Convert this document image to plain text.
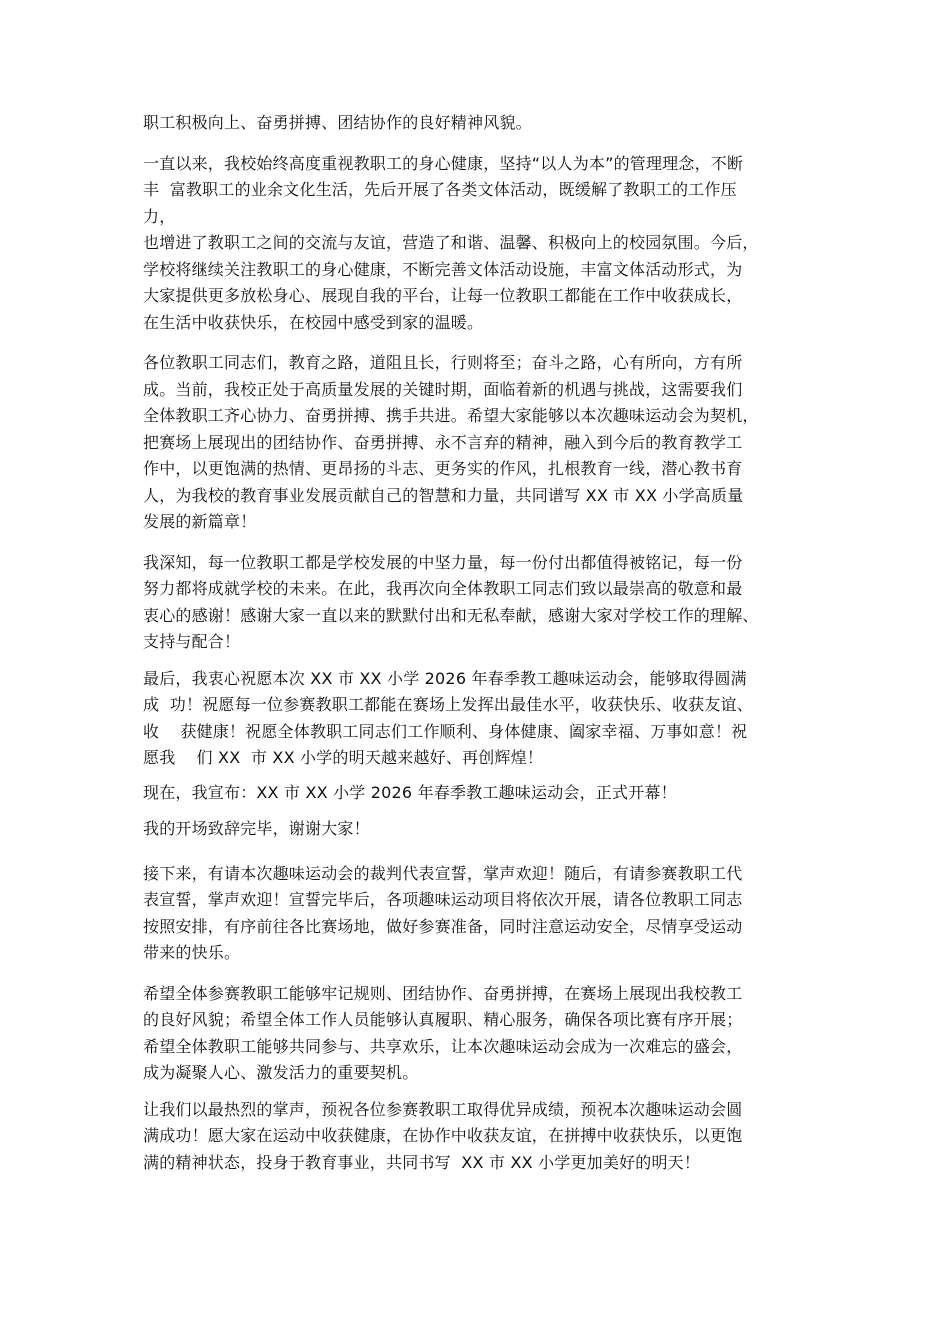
职工积极向上、奋勇拼搏、团结协作的良好精神风貌。
一直以来，我校始终高度重视教职工的身心健康，坚持“以人为本”的管理理念，不断
丰  富教职工的业余文化生活，先后开展了各类文体活动，既缓解了教职工的工作压
力，
也增进了教职工之间的交流与友谊，营造了和谐、温馨、积极向上的校园氛围。今后，
学校将继续关注教职工的身心健康，不断完善文体活动设施，丰富文体活动形式，为
大家提供更多放松身心、展现自我的平台，让每一位教职工都能在工作中收获成长，
在生活中收获快乐，在校园中感受到家的温暖。
各位教职工同志们，教育之路，道阻且长，行则将至；奋斗之路，心有所向，方有所
成。当前，我校正处于高质量发展的关键时期，面临着新的机遇与挑战，这需要我们
全体教职工齐心协力、奋勇拼搏、携手共进。希望大家能够以本次趣味运动会为契机，
把赛场上展现出的团结协作、奋勇拼搏、永不言弃的精神，融入到今后的教育教学工
作中，以更饱满的热情、更昂扬的斗志、更务实的作风，扎根教育一线，潜心教书育
人，为我校的教育事业发展贡献自己的智慧和力量，共同谱写 XX 市 XX 小学高质量
发展的新篇章！
我深知，每一位教职工都是学校发展的中坚力量，每一份付出都值得被铭记，每一份
努力都将成就学校的未来。在此，我再次向全体教职工同志们致以最崇高的敬意和最
衷心的感谢！感谢大家一直以来的默默付出和无私奉献，感谢大家对学校工作的理解、
支持与配合！
最后，我衷心祝愿本次 XX 市 XX 小学 2026 年春季教工趣味运动会，能够取得圆满
成  功！祝愿每一位参赛教职工都能在赛场上发挥出最佳水平，收获快乐、收获友谊、
收    获健康！祝愿全体教职工同志们工作顺利、身体健康、阖家幸福、万事如意！祝
愿我    们 XX  市 XX 小学的明天越来越好、再创辉煌！
现在，我宣布：XX 市 XX 小学 2026 年春季教工趣味运动会，正式开幕！
我的开场致辞完毕，谢谢大家！
接下来，有请本次趣味运动会的裁判代表宣誓，掌声欢迎！随后，有请参赛教职工代
表宣誓，掌声欢迎！宣誓完毕后，各项趣味运动项目将依次开展，请各位教职工同志
按照安排，有序前往各比赛场地，做好参赛准备，同时注意运动安全，尽情享受运动
带来的快乐。
希望全体参赛教职工能够牢记规则、团结协作、奋勇拼搏，在赛场上展现出我校教工
的良好风貌；希望全体工作人员能够认真履职、精心服务，确保各项比赛有序开展；
希望全体教职工能够共同参与、共享欢乐，让本次趣味运动会成为一次难忘的盛会，
成为凝聚人心、激发活力的重要契机。
让我们以最热烈的掌声，预祝各位参赛教职工取得优异成绩，预祝本次趣味运动会圆
满成功！愿大家在运动中收获健康，在协作中收获友谊，在拼搏中收获快乐，以更饱
满的精神状态，投身于教育事业，共同书写  XX 市 XX 小学更加美好的明天！
